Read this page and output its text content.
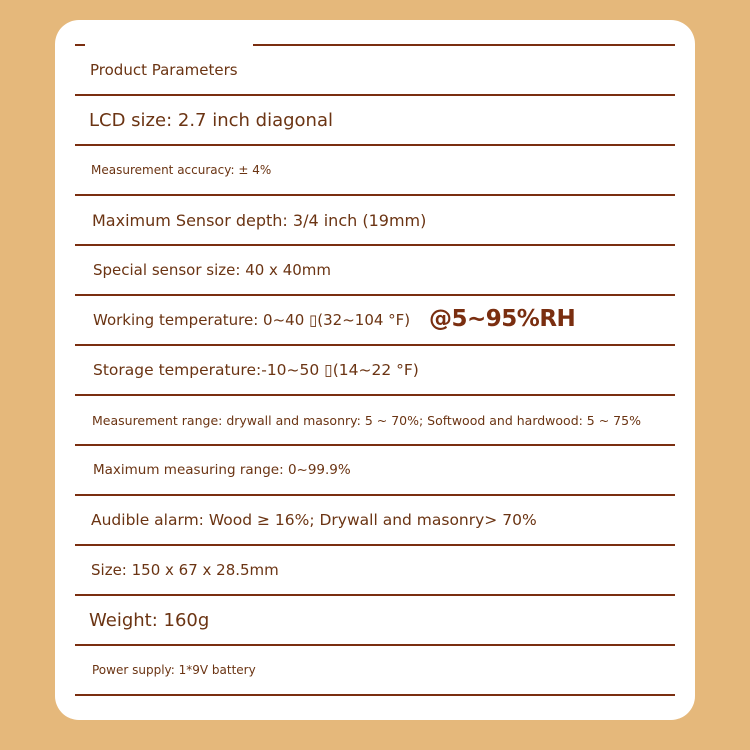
Product Parameters
LCD size: 2.7 inch diagonal
Measurement accuracy: ± 4%
Maximum Sensor depth: 3/4 inch (19mm)
Special sensor size: 40 x 40mm
Working temperature: 0~40 ▯(32~104 °F) @5~95%RH
Storage temperature:-10~50 ▯(14~22 °F)
Measurement range: drywall and masonry: 5 ~ 70%; Softwood and hardwood: 5 ~ 75%
Maximum measuring range: 0~99.9%
Audible alarm: Wood ≥ 16%; Drywall and masonry> 70%
Size: 150 x 67 x 28.5mm
Weight: 160g
Power supply: 1*9V battery
